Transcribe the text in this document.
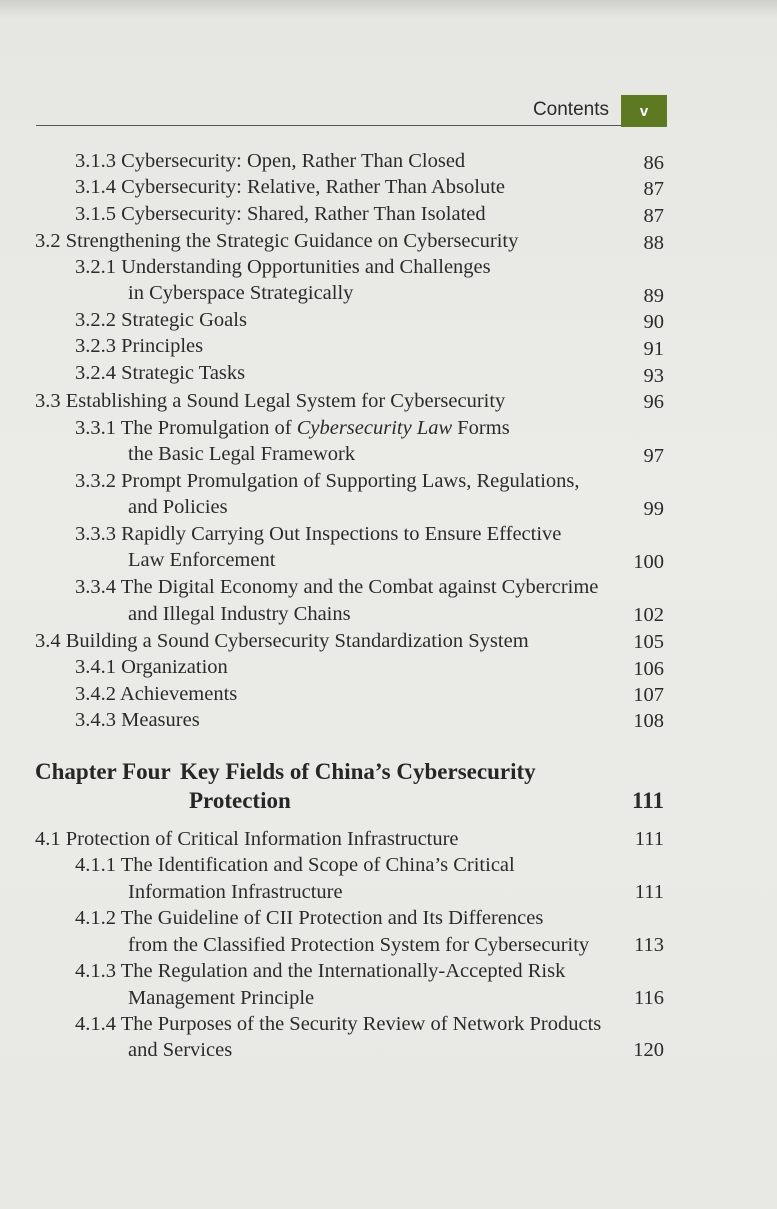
Contents	v
3.1.3 Cybersecurity: Open, Rather Than Closed	86
3.1.4 Cybersecurity: Relative, Rather Than Absolute	87
3.1.5 Cybersecurity: Shared, Rather Than Isolated	87
3.2 Strengthening the Strategic Guidance on Cybersecurity	88
3.2.1 Understanding Opportunities and Challenges
in Cyberspace Strategically	89
3.2.2 Strategic Goals	90
3.2.3 Principles	91
3.2.4 Strategic Tasks	93
3.3 Establishing a Sound Legal System for Cybersecurity	96
3.3.1 The Promulgation of Cybersecurity Law Forms
the Basic Legal Framework	97
3.3.2 Prompt Promulgation of Supporting Laws, Regulations,
and Policies	99
3.3.3 Rapidly Carrying Out Inspections to Ensure Effective
Law Enforcement	100
3.3.4 The Digital Economy and the Combat against Cybercrime
and Illegal Industry Chains	102
3.4 Building a Sound Cybersecurity Standardization System	105
3.4.1 Organization	106
3.4.2 Achievements	107
3.4.3 Measures	108
Chapter Four Key Fields of China’s Cybersecurity
Protection	111
4.1 Protection of Critical Information Infrastructure	111
4.1.1 The Identification and Scope of China’s Critical
Information Infrastructure	111
4.1.2 The Guideline of CII Protection and Its Differences
from the Classified Protection System for Cybersecurity 113
4.1.3 The Regulation and the Internationally-Accepted Risk
Management Principle	116
4.1.4 The Purposes of the Security Review of Network Products
and Services	120
